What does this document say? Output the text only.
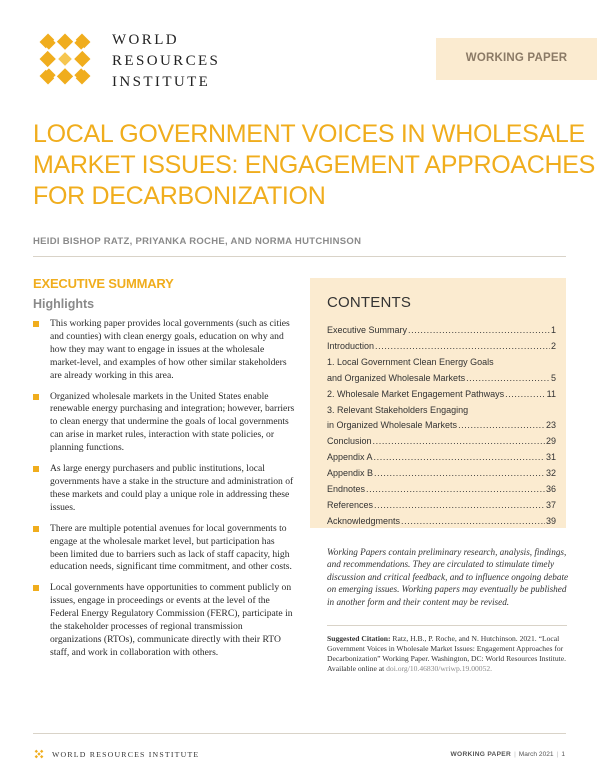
WORLD
RESOURCES
INSTITUTE
WORKING PAPER
LOCAL GOVERNMENT VOICES IN WHOLESALE
MARKET ISSUES: ENGAGEMENT APPROACHES
FOR DECARBONIZATION
HEIDI BISHOP RATZ, PRIYANKA ROCHE, AND NORMA HUTCHINSON
EXECUTIVE SUMMARY
Highlights
This working paper provides local governments (such as cities and counties) with clean energy goals, education on why and how they may want to engage in issues at the wholesale market-level, and examples of how other similar stakeholders are already working in this area.
Organized wholesale markets in the United States enable renewable energy purchasing and integration; however, barriers to clean energy that undermine the goals of local governments can arise in market rules, interaction with state policies, or planning functions.
As large energy purchasers and public institutions, local governments have a stake in the structure and administration of these markets and could play a unique role in addressing these issues.
There are multiple potential avenues for local governments to engage at the wholesale market level, but participation has been limited due to barriers such as lack of staff capacity, high education needs, significant time commitment, and other costs.
Local governments have opportunities to comment publicly on issues, engage in proceedings or events at the level of the Federal Energy Regulatory Commission (FERC), participate in the stakeholder processes of regional transmission organizations (RTOs), communicate directly with their RTO staff, and work in collaboration with others.
CONTENTS
Executive Summary .....	1
Introduction .....	2
1. Local Government Clean Energy Goals
and Organized Wholesale Markets .....	5
2. Wholesale Market Engagement Pathways .....	11
3. Relevant Stakeholders Engaging
in Organized Wholesale Markets .....	23
Conclusion .....	29
Appendix A .....	31
Appendix B .....	32
Endnotes .....	36
References .....	37
Acknowledgments .....	39
Working Papers contain preliminary research, analysis, findings, and recommendations. They are circulated to stimulate timely discussion and critical feedback, and to influence ongoing debate on emerging issues. Working papers may eventually be published in another form and their content may be revised.
Suggested Citation: Ratz, H.B., P. Roche, and N. Hutchinson. 2021. “Local Government Voices in Wholesale Market Issues: Engagement Approaches for Decarbonization” Working Paper. Washington, DC: World Resources Institute. Available online at doi.org/10.46830/wriwp.19.00052.
WORLD RESOURCES INSTITUTE	WORKING PAPER | March 2021 | 1
